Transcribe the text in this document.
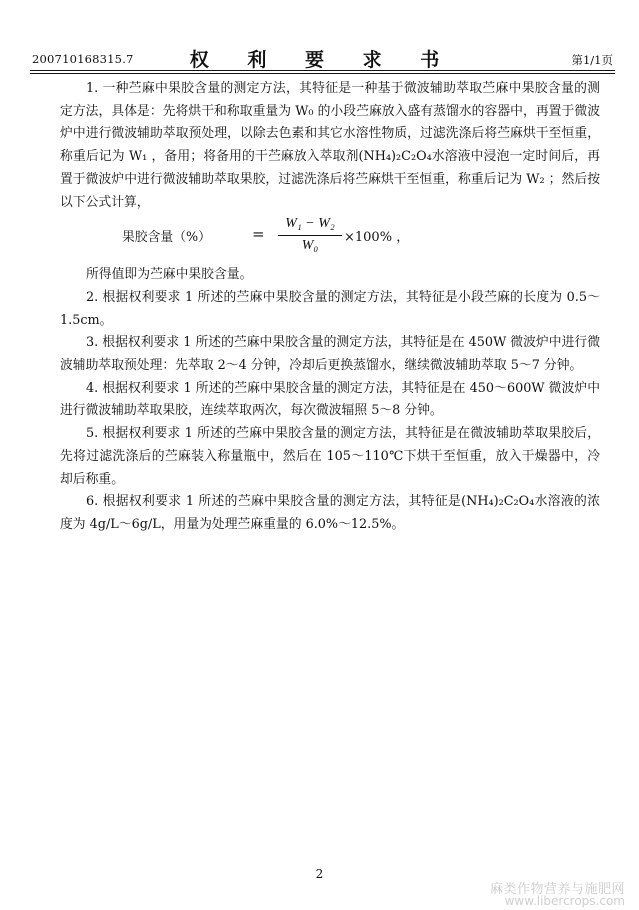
200710168315.7	权 利 要 求 书	第1/1页

1. 一种苎麻中果胶含量的测定方法，其特征是一种基于微波辅助萃取苎麻中果胶含量的测定方法，具体是：先将烘干和称取重量为 W₀ 的小段苎麻放入盛有蒸馏水的容器中，再置于微波炉中进行微波辅助萃取预处理，以除去色素和其它水溶性物质，过滤洗涤后将苎麻烘干至恒重，称重后记为 W₁ ，备用；将备用的干苎麻放入萃取剂(NH₄)₂C₂O₄水溶液中浸泡一定时间后，再置于微波炉中进行微波辅助萃取果胶，过滤洗涤后将苎麻烘干至恒重，称重后记为 W₂ ；然后按以下公式计算，

果胶含量（%）	=
W₁ − W₂
W₀
×100% ，

所得值即为苎麻中果胶含量。

2. 根据权利要求 1 所述的苎麻中果胶含量的测定方法，其特征是小段苎麻的长度为 0.5～1.5cm。

3. 根据权利要求 1 所述的苎麻中果胶含量的测定方法，其特征是在 450W 微波炉中进行微波辅助萃取预处理：先萃取 2～4 分钟，冷却后更换蒸馏水，继续微波辅助萃取 5～7 分钟。

4. 根据权利要求 1 所述的苎麻中果胶含量的测定方法，其特征是在 450～600W 微波炉中进行微波辅助萃取果胶，连续萃取两次，每次微波辐照 5～8 分钟。

5. 根据权利要求 1 所述的苎麻中果胶含量的测定方法，其特征是在微波辅助萃取果胶后，先将过滤洗涤后的苎麻装入称量瓶中，然后在 105～110℃下烘干至恒重，放入干燥器中，冷却后称重。

6. 根据权利要求 1 所述的苎麻中果胶含量的测定方法，其特征是(NH₄)₂C₂O₄水溶液的浓度为 4g/L～6g/L，用量为处理苎麻重量的 6.0%～12.5%。

2
麻类作物营养与施肥网
www.libercrops.com
